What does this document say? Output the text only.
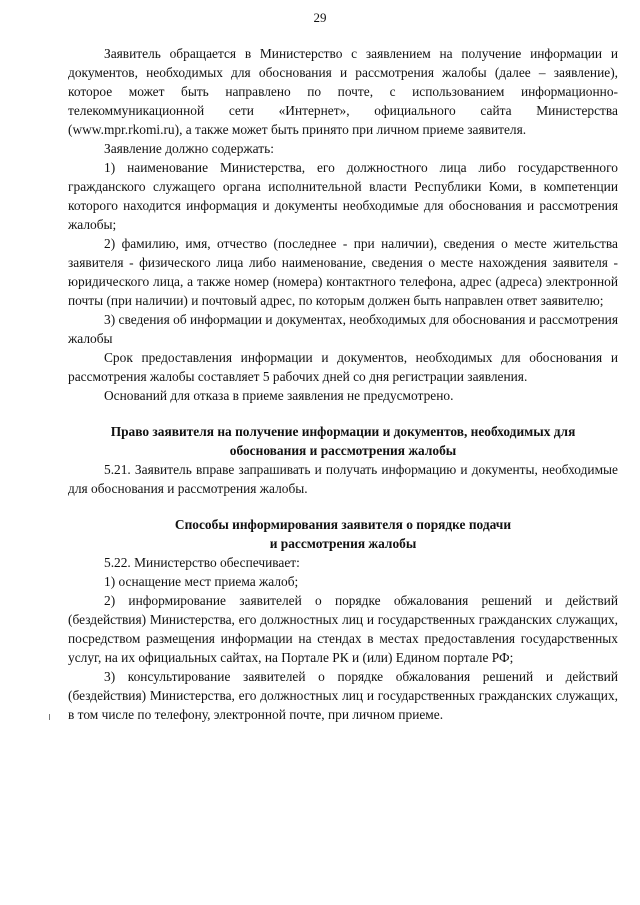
29

Заявитель обращается в Министерство с заявлением на получение информации и документов, необходимых для обоснования и рассмотрения жалобы (далее – заявление), которое может быть направлено по почте, с использованием информационно-телекоммуникационной сети «Интернет», официального сайта Министерства (www.mpr.rkomi.ru), а также может быть принято при личном приеме заявителя.

Заявление должно содержать:

1) наименование Министерства, его должностного лица либо государственного гражданского служащего органа исполнительной власти Республики Коми, в компетенции которого находится информация и документы необходимые для обоснования и рассмотрения жалобы;

2) фамилию, имя, отчество (последнее - при наличии), сведения о месте жительства заявителя - физического лица либо наименование, сведения о месте нахождения заявителя - юридического лица, а также номер (номера) контактного телефона, адрес (адреса) электронной почты (при наличии) и почтовый адрес, по которым должен быть направлен ответ заявителю;

3) сведения об информации и документах, необходимых для обоснования и рассмотрения жалобы

Срок предоставления информации и документов, необходимых для обоснования и рассмотрения жалобы составляет 5 рабочих дней со дня регистрации заявления.

Оснований для отказа в приеме заявления не предусмотрено.

Право заявителя на получение информации и документов, необходимых для
обоснования и рассмотрения жалобы

5.21. Заявитель вправе запрашивать и получать информацию и документы, необходимые для обоснования и рассмотрения жалобы.

Способы информирования заявителя о порядке подачи
и рассмотрения жалобы

5.22. Министерство обеспечивает:

1) оснащение мест приема жалоб;

2) информирование заявителей о порядке обжалования решений и действий (бездействия) Министерства, его должностных лиц и государственных гражданских служащих, посредством размещения информации на стендах в местах предоставления государственных услуг, на их официальных сайтах, на Портале РК и (или) Едином портале РФ;

3) консультирование заявителей о порядке обжалования решений и действий (бездействия) Министерства, его должностных лиц и государственных гражданских служащих, в том числе по телефону, электронной почте, при личном приеме.
